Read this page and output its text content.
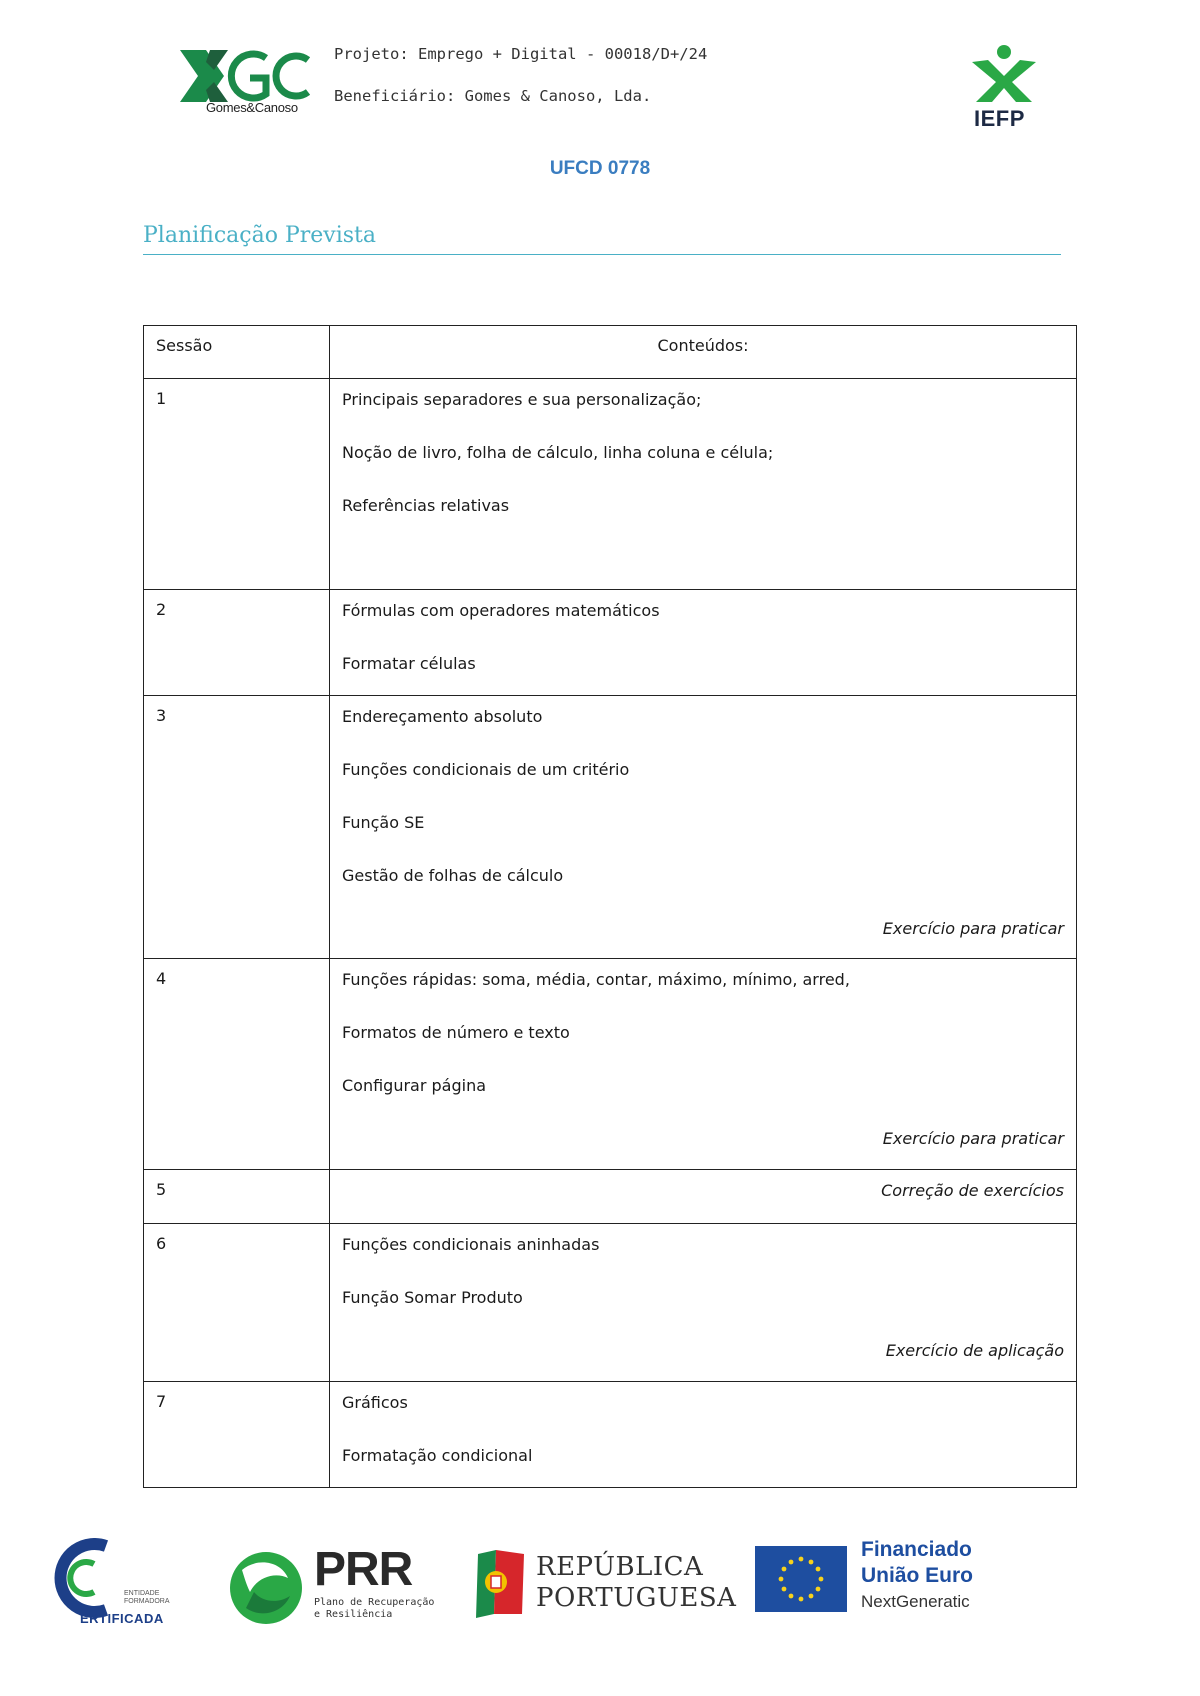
Gomes&Canoso
Projeto: Emprego + Digital - 00018/D+/24
Beneficiário: Gomes & Canoso, Lda.
IEFP
UFCD 0778
Planificação Prevista
Sessão	Conteúdos:
1	Principais separadores e sua personalização;
Noção de livro, folha de cálculo, linha coluna e célula;
Referências relativas

2	Fórmulas com operadores matemáticos
Formatar células

3	Endereçamento absoluto
Funções condicionais de um critério
Função SE
Gestão de folhas de cálculo
Exercício para praticar

4	Funções rápidas: soma, média, contar, máximo, mínimo, arred,
Formatos de número e texto
Configurar página
Exercício para praticar

5	Correção de exercícios

6	Funções condicionais aninhadas
Função Somar Produto
Exercício de aplicação

7	Gráficos
Formatação condicional
ENTIDADE
FORMADORA
ERTIFICADA
PRR
Plano de Recuperação
e Resiliência
REPÚBLICA
PORTUGUESA
Financiado
União Euro
NextGeneratic
